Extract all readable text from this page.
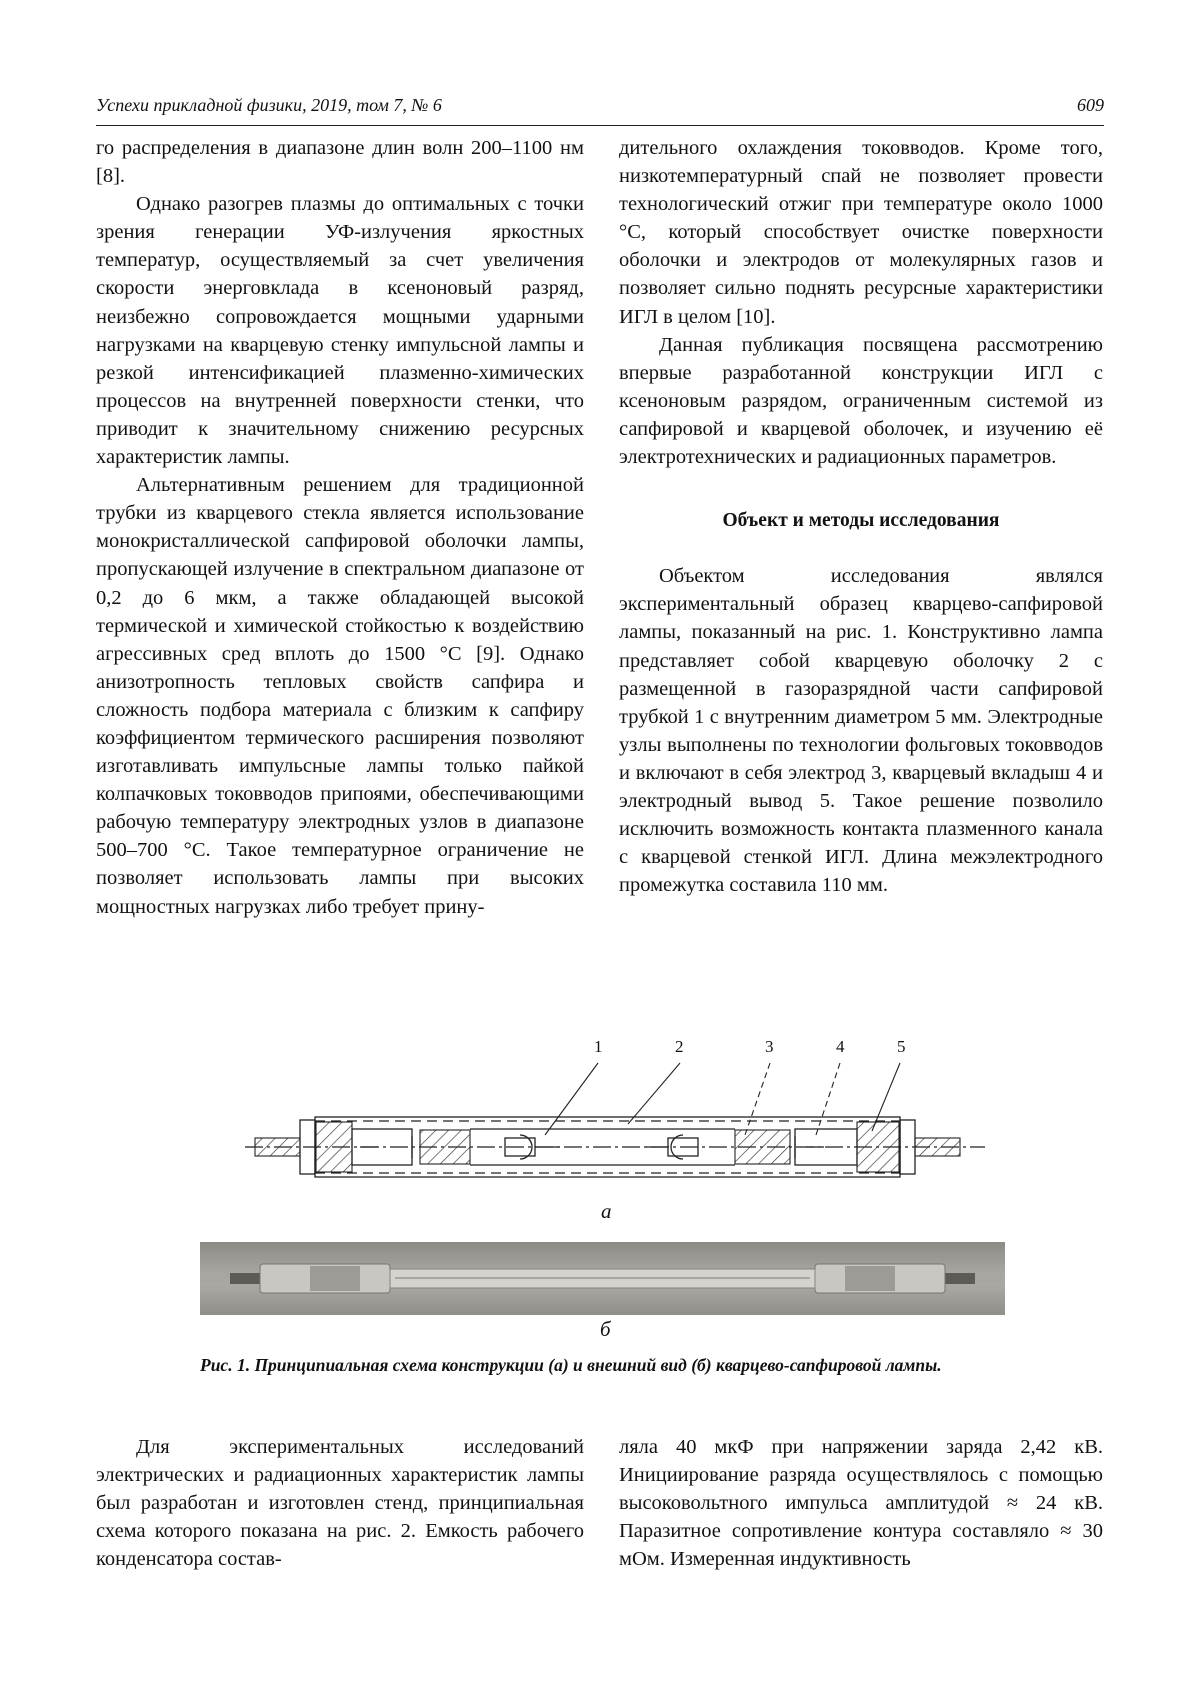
Успехи прикладной физики, 2019, том 7, № 6	609

го распределения в диапазоне длин волн 200–1100 нм [8].

Однако разогрев плазмы до оптимальных с точки зрения генерации УФ-излучения яркостных температур, осуществляемый за счет увеличения скорости энерговклада в ксеноновый разряд, неизбежно сопровождается мощными ударными нагрузками на кварцевую стенку импульсной лампы и резкой интенсификацией плазменно-химических процессов на внутренней поверхности стенки, что приводит к значительному снижению ресурсных характеристик лампы.

Альтернативным решением для традиционной трубки из кварцевого стекла является использование монокристаллической сапфировой оболочки лампы, пропускающей излучение в спектральном диапазоне от 0,2 до 6 мкм, а также обладающей высокой термической и химической стойкостью к воздействию агрессивных сред вплоть до 1500 °С [9]. Однако анизотропность тепловых свойств сапфира и сложность подбора материала с близким к сапфиру коэффициентом термического расширения позволяют изготавливать импульсные лампы только пайкой колпачковых токовводов припоями, обеспечивающими рабочую температуру электродных узлов в диапазоне 500–700 °С. Такое температурное ограничение не позволяет использовать лампы при высоких мощностных нагрузках либо требует прину-

дительного охлаждения токовводов. Кроме того, низкотемпературный спай не позволяет провести технологический отжиг при температуре около 1000 °С, который способствует очистке поверхности оболочки и электродов от молекулярных газов и позволяет сильно поднять ресурсные характеристики ИГЛ в целом [10].

Данная публикация посвящена рассмотрению впервые разработанной конструкции ИГЛ с ксеноновым разрядом, ограниченным системой из сапфировой и кварцевой оболочек, и изучению её электротехнических и радиационных параметров.

Объект и методы исследования

Объектом исследования являлся экспериментальный образец кварцево-сапфировой лампы, показанный на рис. 1. Конструктивно лампа представляет собой кварцевую оболочку 2 с размещенной в газоразрядной части сапфировой трубкой 1 с внутренним диаметром 5 мм. Электродные узлы выполнены по технологии фольговых токовводов и включают в себя электрод 3, кварцевый вкладыш 4 и электродный вывод 5. Такое решение позволило исключить возможность контакта плазменного канала с кварцевой стенкой ИГЛ. Длина межэлектродного промежутка составила 110 мм.

1	2	3	4	5
а
б
Рис. 1. Принципиальная схема конструкции (а) и внешний вид (б) кварцево-сапфировой лампы.

Для экспериментальных исследований электрических и радиационных характеристик лампы был разработан и изготовлен стенд, принципиальная схема которого показана на рис. 2. Емкость рабочего конденсатора состав-

ляла 40 мкФ при напряжении заряда 2,42 кВ. Инициирование разряда осуществлялось с помощью высоковольтного импульса амплитудой ≈ 24 кВ. Паразитное сопротивление контура составляло ≈ 30 мОм. Измеренная индуктивность
